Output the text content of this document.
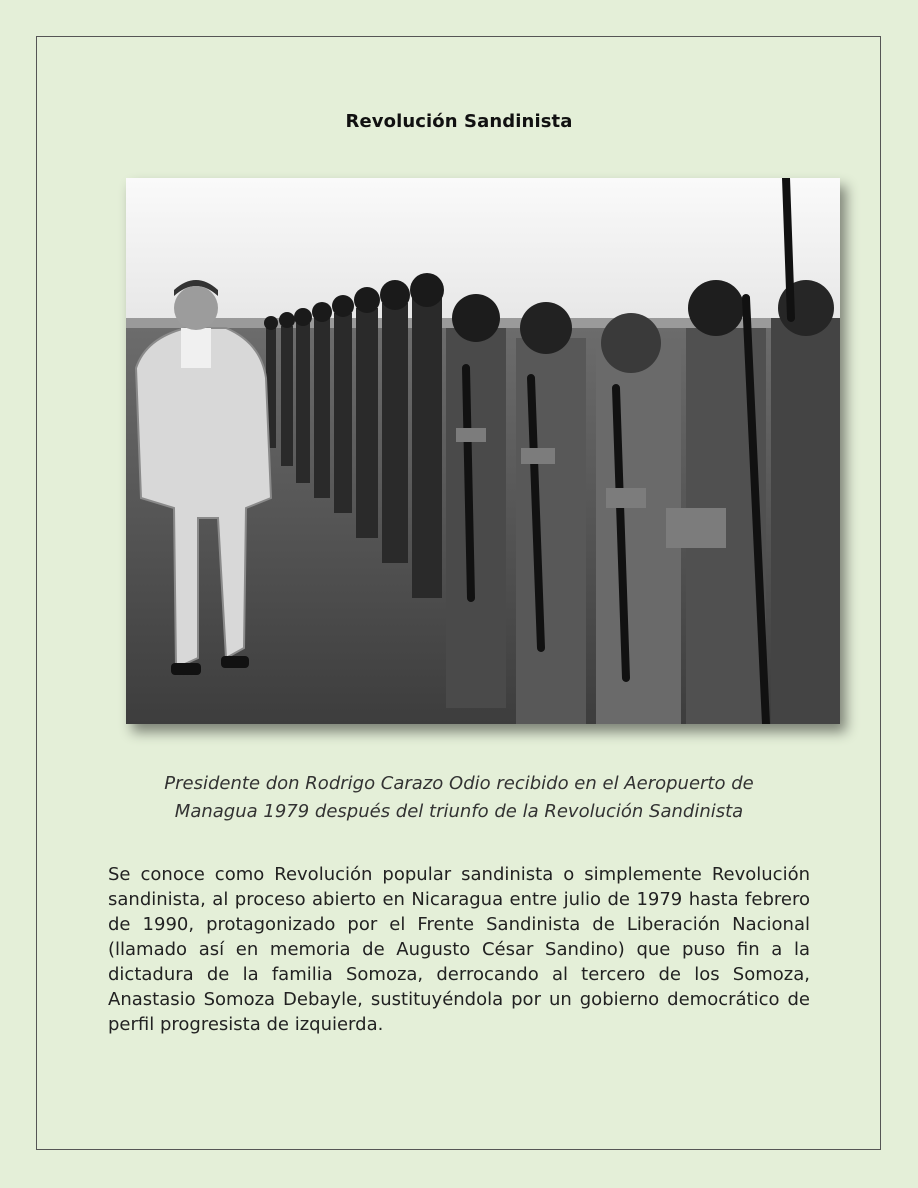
Revolución Sandinista
Presidente don Rodrigo Carazo Odio recibido en el Aeropuerto de
Managua 1979 después del triunfo de la Revolución Sandinista
Se conoce como Revolución popular sandinista o simplemente Revolución sandinista, al proceso abierto en Nicaragua entre julio de 1979 hasta febrero de 1990, protagonizado por el Frente Sandinista de Liberación Nacional (llamado así en memoria de Augusto César Sandino) que puso fin a la dictadura de la familia Somoza, derrocando al tercero de los Somoza, Anastasio Somoza Debayle, sustituyéndola por un gobierno democrático de perfil progresista de izquierda.
